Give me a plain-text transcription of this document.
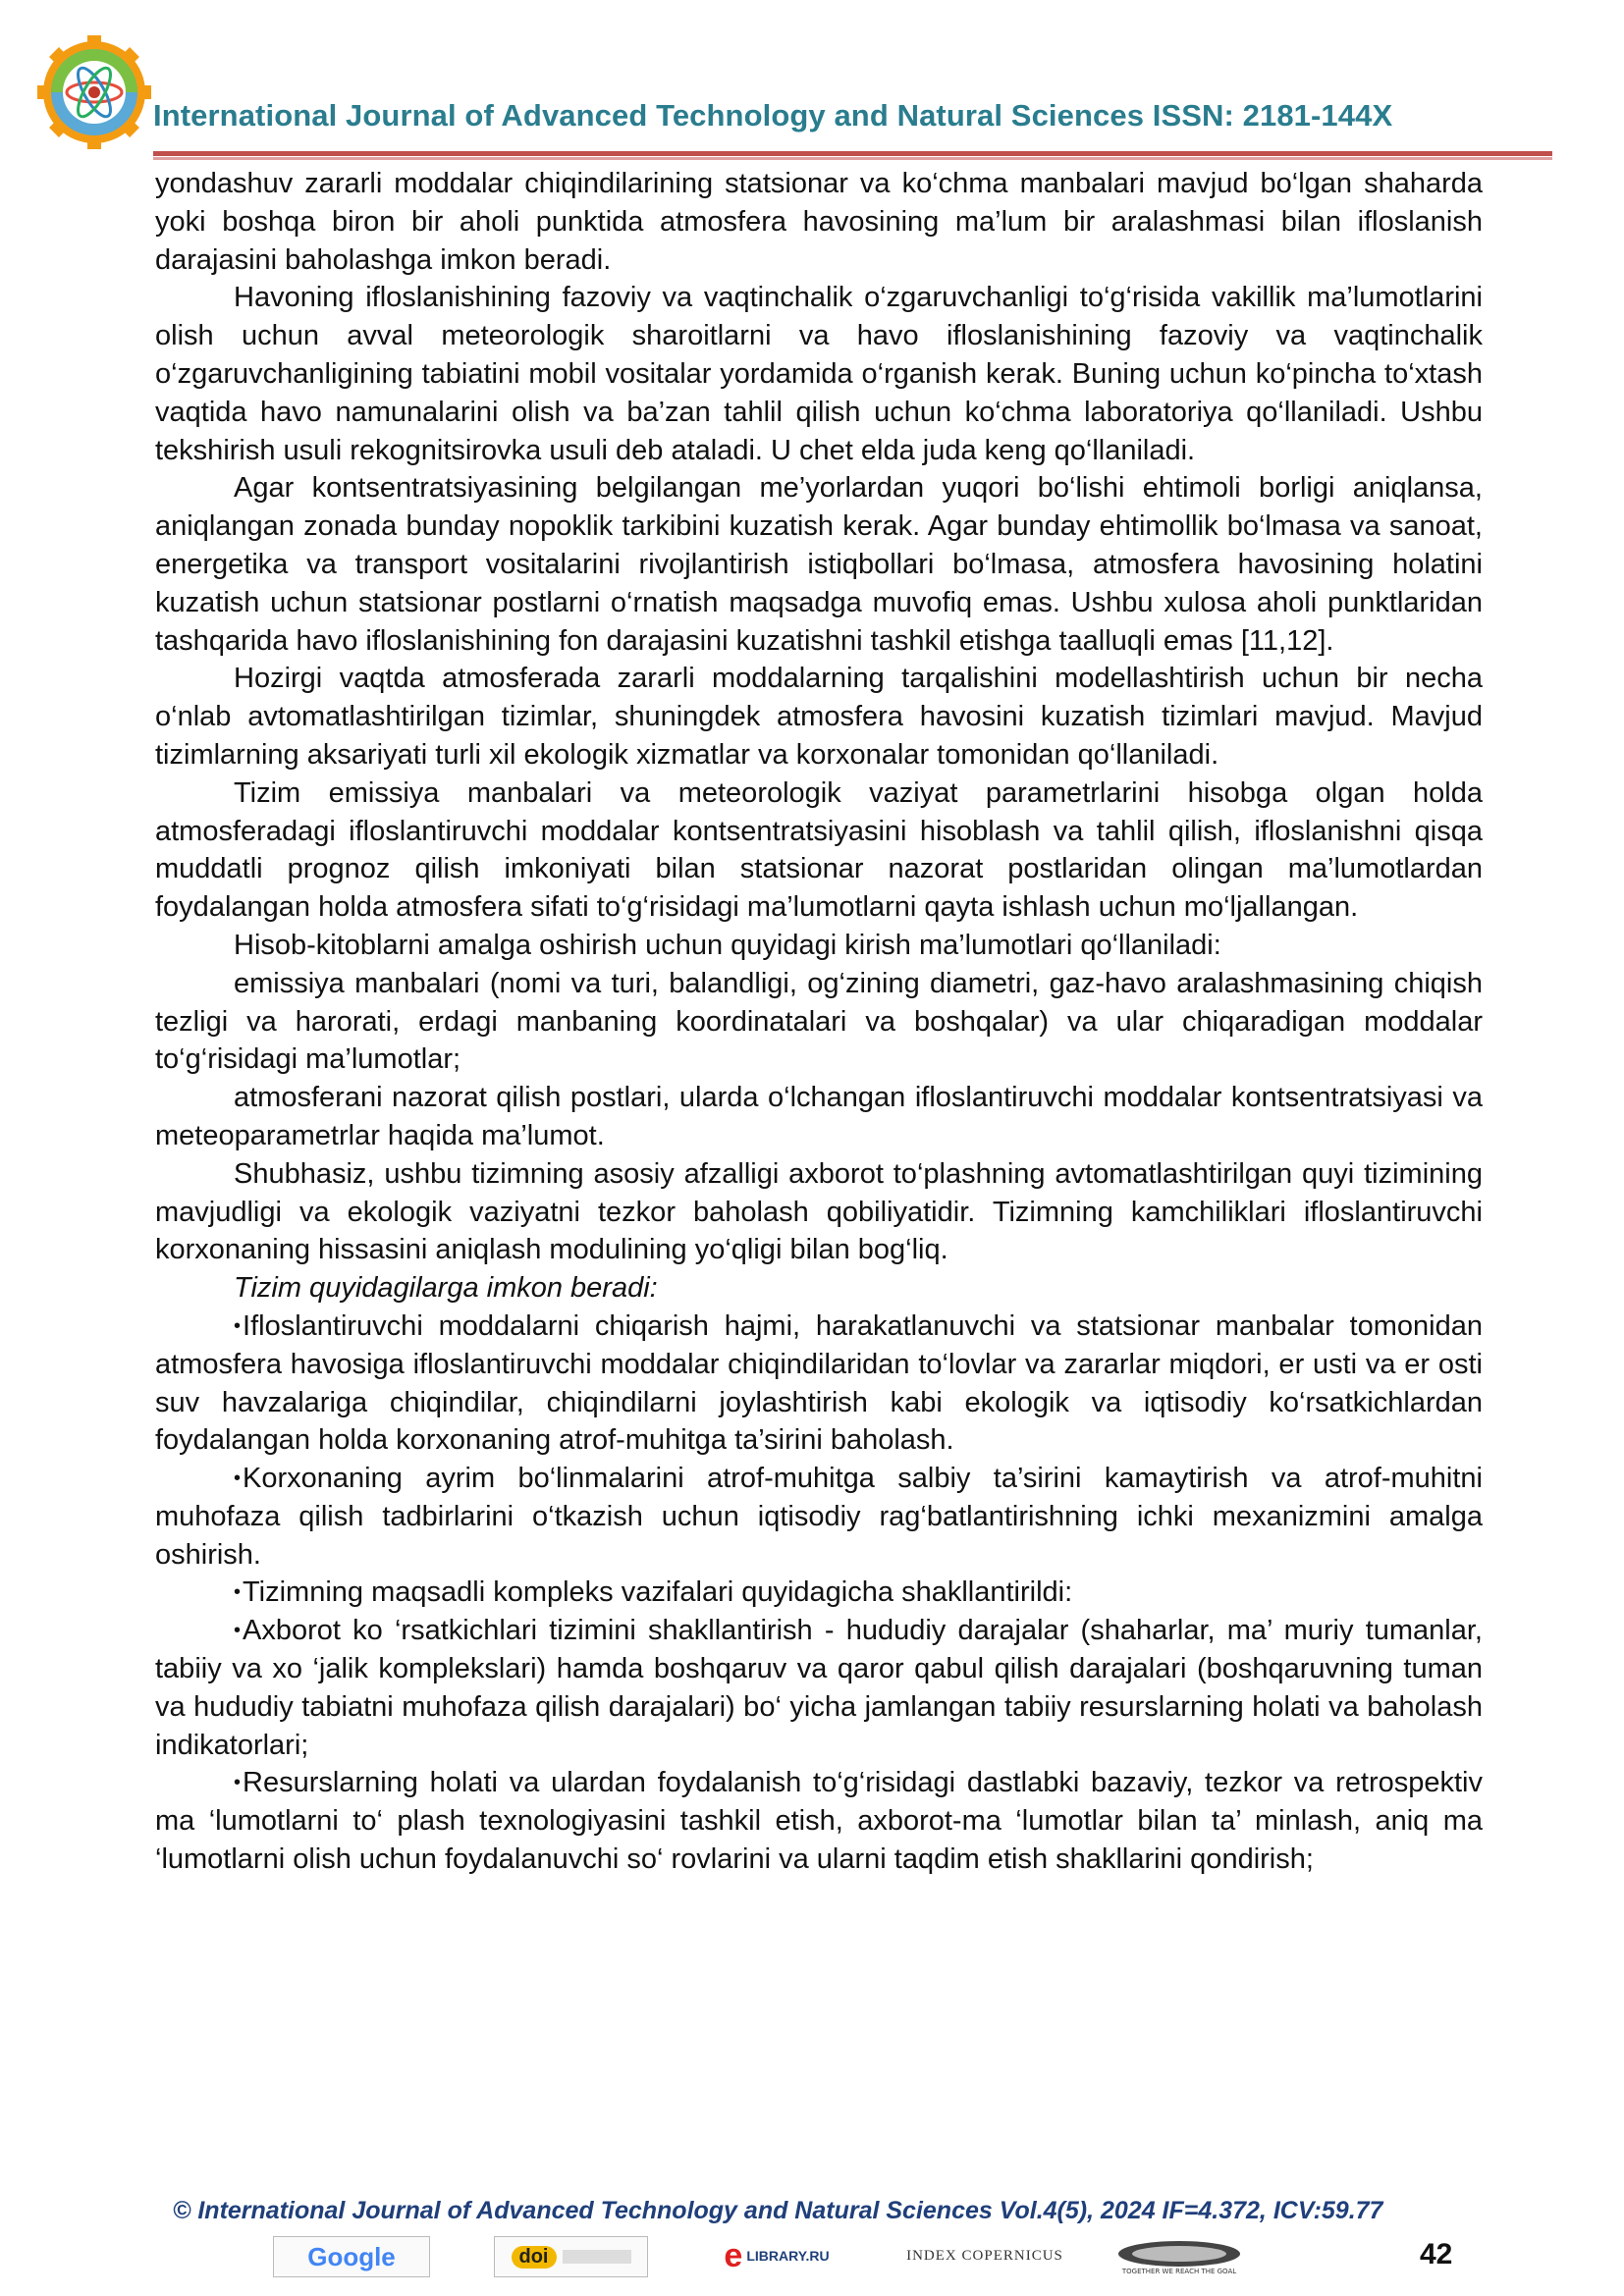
International Journal of Advanced Technology and Natural Sciences ISSN: 2181-144X

yondashuv zararli moddalar chiqindilarining statsionar va ko‘chma manbalari mavjud bo‘lgan shaharda yoki boshqa biron bir aholi punktida atmosfera havosining ma’lum bir aralashmasi bilan ifloslanish darajasini baholashga imkon beradi.

Havoning ifloslanishining fazoviy va vaqtinchalik o‘zgaruvchanligi to‘g‘risida vakillik ma’lumotlarini olish uchun avval meteorologik sharoitlarni va havo ifloslanishining fazoviy va vaqtinchalik o‘zgaruvchanligining tabiatini mobil vositalar yordamida o‘rganish kerak. Buning uchun ko‘pincha to‘xtash vaqtida havo namunalarini olish va ba’zan tahlil qilish uchun ko‘chma laboratoriya qo‘llaniladi. Ushbu tekshirish usuli rekognitsirovka usuli deb ataladi. U chet elda juda keng qo‘llaniladi.

Agar kontsentratsiyasining belgilangan me’yorlardan yuqori bo‘lishi ehtimoli borligi aniqlansa, aniqlangan zonada bunday nopoklik tarkibini kuzatish kerak. Agar bunday ehtimollik bo‘lmasa va sanoat, energetika va transport vositalarini rivojlantirish istiqbollari bo‘lmasa, atmosfera havosining holatini kuzatish uchun statsionar postlarni o‘rnatish maqsadga muvofiq emas. Ushbu xulosa aholi punktlaridan tashqarida havo ifloslanishining fon darajasini kuzatishni tashkil etishga taalluqli emas [11,12].

Hozirgi vaqtda atmosferada zararli moddalarning tarqalishini modellashtirish uchun bir necha o‘nlab avtomatlashtirilgan tizimlar, shuningdek atmosfera havosini kuzatish tizimlari mavjud. Mavjud tizimlarning aksariyati turli xil ekologik xizmatlar va korxonalar tomonidan qo‘llaniladi.

Tizim emissiya manbalari va meteorologik vaziyat parametrlarini hisobga olgan holda atmosferadagi ifloslantiruvchi moddalar kontsentratsiyasini hisoblash va tahlil qilish, ifloslanishni qisqa muddatli prognoz qilish imkoniyati bilan statsionar nazorat postlaridan olingan ma’lumotlardan foydalangan holda atmosfera sifati to‘g‘risidagi ma’lumotlarni qayta ishlash uchun mo‘ljallangan.

Hisob-kitoblarni amalga oshirish uchun quyidagi kirish ma’lumotlari qo‘llaniladi:

emissiya manbalari (nomi va turi, balandligi, og‘zining diametri, gaz-havo aralashmasining chiqish tezligi va harorati, erdagi manbaning koordinatalari va boshqalar) va ular chiqaradigan moddalar to‘g‘risidagi ma’lumotlar;

atmosferani nazorat qilish postlari, ularda o‘lchangan ifloslantiruvchi moddalar kontsentratsiyasi va meteoparametrlar haqida ma’lumot.

Shubhasiz, ushbu tizimning asosiy afzalligi axborot to‘plashning avtomatlashtirilgan quyi tizimining mavjudligi va ekologik vaziyatni tezkor baholash qobiliyatidir. Tizimning kamchiliklari ifloslantiruvchi korxonaning hissasini aniqlash modulining yo‘qligi bilan bog‘liq.

Tizim quyidagilarga imkon beradi:

•Ifloslantiruvchi moddalarni chiqarish hajmi, harakatlanuvchi va statsionar manbalar tomonidan atmosfera havosiga ifloslantiruvchi moddalar chiqindilaridan to‘lovlar va zararlar miqdori, er usti va er osti suv havzalariga chiqindilar, chiqindilarni joylashtirish kabi ekologik va iqtisodiy ko‘rsatkichlardan foydalangan holda korxonaning atrof-muhitga ta’sirini baholash.

•Korxonaning ayrim bo‘linmalarini atrof-muhitga salbiy ta’sirini kamaytirish va atrof-muhitni muhofaza qilish tadbirlarini o‘tkazish uchun iqtisodiy rag‘batlantirishning ichki mexanizmini amalga oshirish.

•Tizimning maqsadli kompleks vazifalari quyidagicha shakllantirildi:

•Axborot ko ‘rsatkichlari tizimini shakllantirish - hududiy darajalar (shaharlar, ma’ muriy tumanlar, tabiiy va xo ‘jalik komplekslari) hamda boshqaruv va qaror qabul qilish darajalari (boshqaruvning tuman va hududiy tabiatni muhofaza qilish darajalari) bo‘ yicha jamlangan tabiiy resurslarning holati va baholash indikatorlari;

•Resurslarning holati va ulardan foydalanish to‘g‘risidagi dastlabki bazaviy, tezkor va retrospektiv ma ‘lumotlarni to‘ plash texnologiyasini tashkil etish, axborot-ma ‘lumotlar bilan ta’ minlash, aniq ma ‘lumotlarni olish uchun foydalanuvchi so‘ rovlarini va ularni taqdim etish shakllarini qondirish;

© International Journal of Advanced Technology and Natural Sciences Vol.4(5), 2024 IF=4.372, ICV:59.77
42
Google	doi	e LIBRARY.RU	INDEX COPERNICUS
TOGETHER WE REACH THE GOAL
